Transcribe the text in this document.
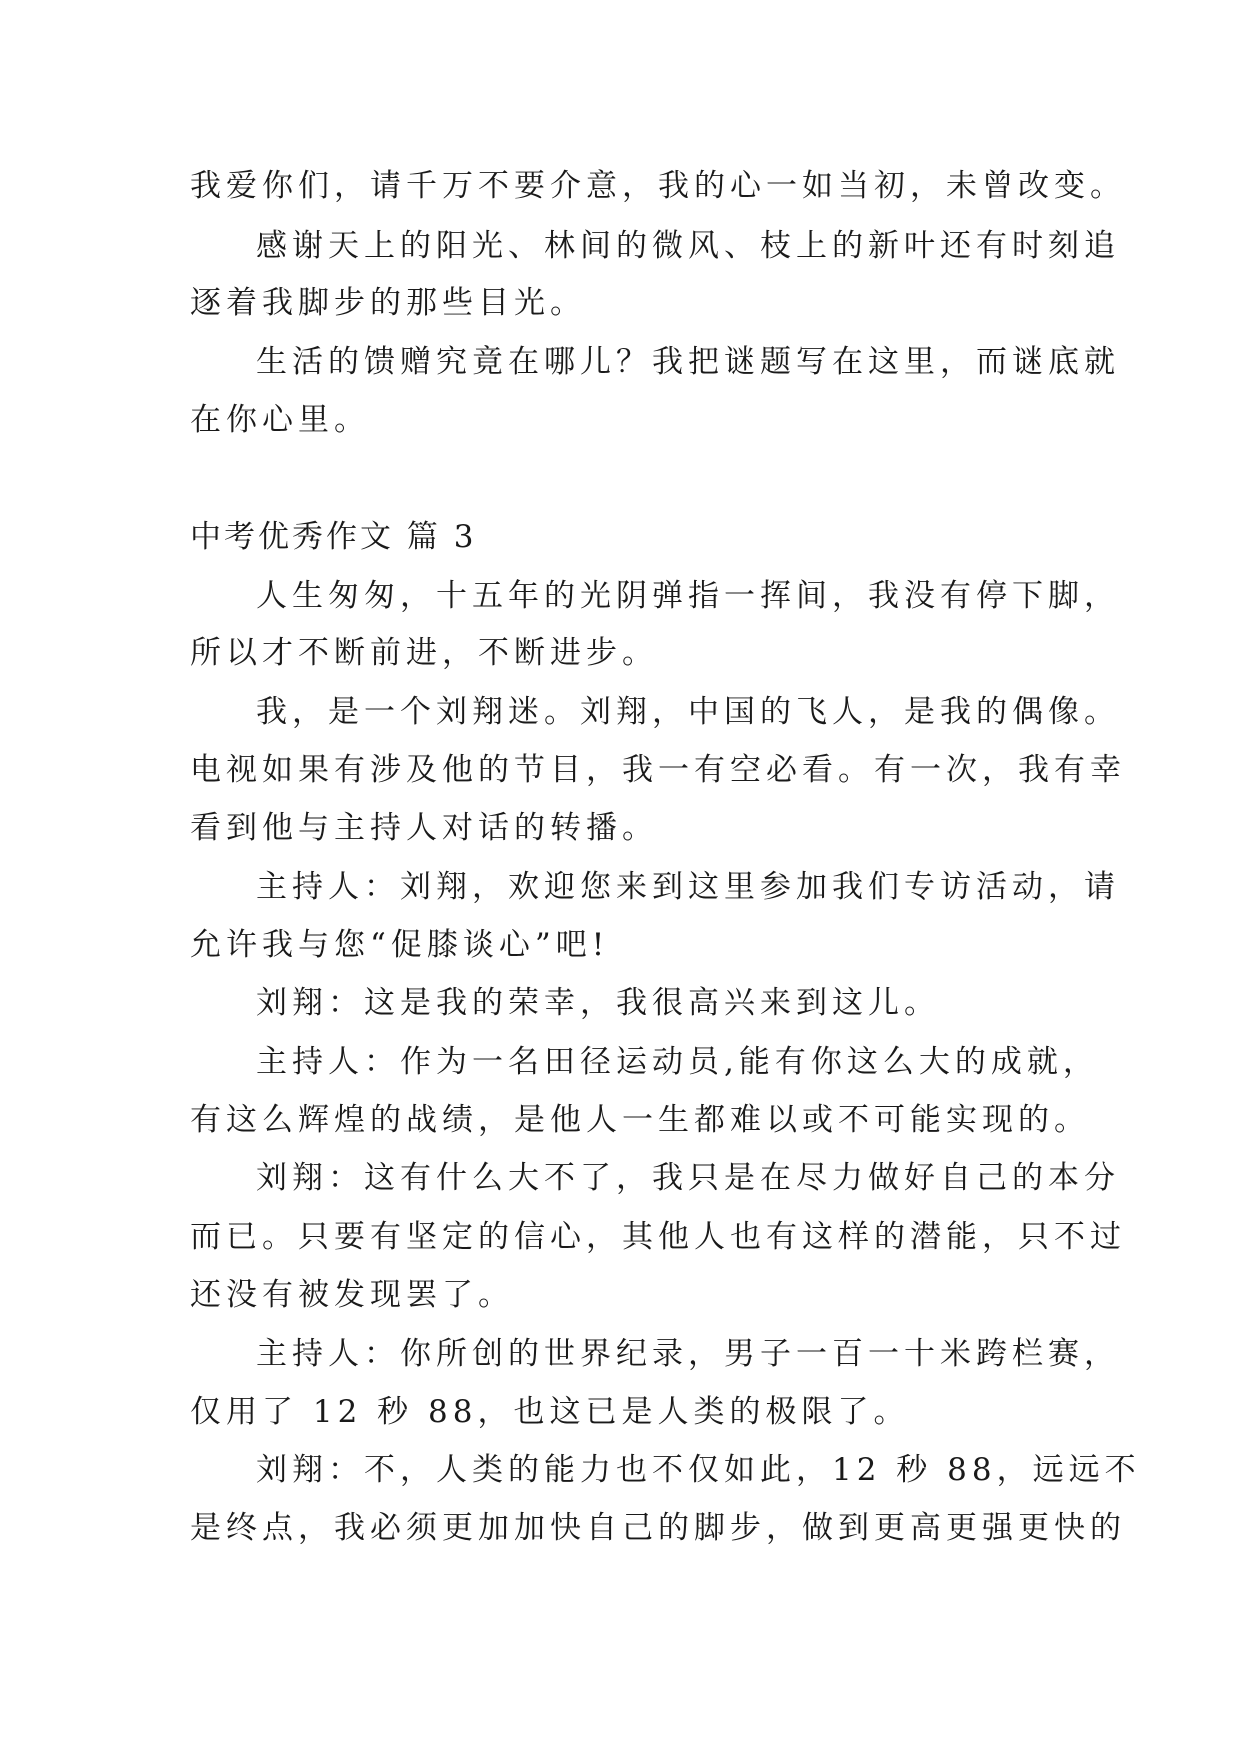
我爱你们，请千万不要介意，我的心一如当初，未曾改变。
感谢天上的阳光、林间的微风、枝上的新叶还有时刻追
逐着我脚步的那些目光。
生活的馈赠究竟在哪儿？我把谜题写在这里，而谜底就
在你心里。
中考优秀作文 篇 3
人生匆匆，十五年的光阴弹指一挥间，我没有停下脚，
所以才不断前进，不断进步。
我，是一个刘翔迷。刘翔，中国的飞人，是我的偶像。
电视如果有涉及他的节目，我一有空必看。有一次，我有幸
看到他与主持人对话的转播。
主持人：刘翔，欢迎您来到这里参加我们专访活动，请
允许我与您“促膝谈心”吧!
刘翔：这是我的荣幸，我很高兴来到这儿。
主持人：作为一名田径运动员,能有你这么大的成就，
有这么辉煌的战绩，是他人一生都难以或不可能实现的。
刘翔：这有什么大不了，我只是在尽力做好自己的本分
而已。只要有坚定的信心，其他人也有这样的潜能，只不过
还没有被发现罢了。
主持人：你所创的世界纪录，男子一百一十米跨栏赛，
仅用了 12 秒 88，也这已是人类的极限了。
刘翔：不，人类的能力也不仅如此，12 秒 88，远远不
是终点，我必须更加加快自己的脚步，做到更高更强更快的
